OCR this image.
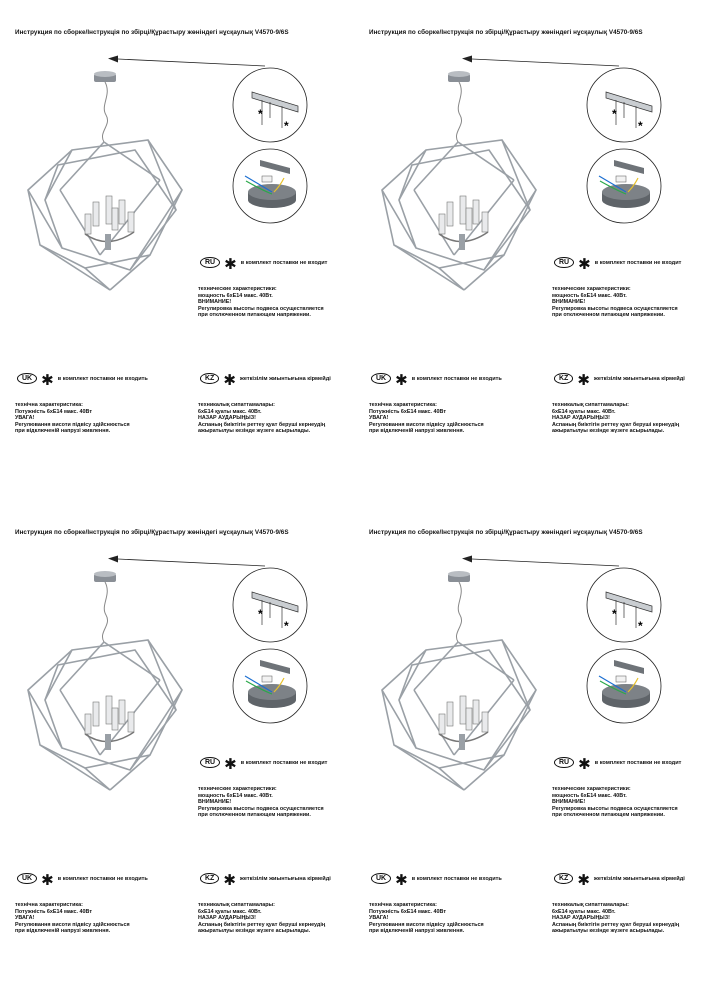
Инструкция по сборке/Інструкція по збірці/Құрастыру жөніндегі нұсқаулық V4570-9/6S
*
*
RU ✱ в комплект поставки не входит
технические характеристики:
мощность 6хЕ14 макс. 40Вт.
ВНИМАНИЕ!
Регулировка высоты подвеса осуществляется
при отключенном питающем напряжении.
UK ✱ в комплект поставки не входить
технічна характеристика:
Потужність 6хЕ14 макс. 40Вт
УВАГА!
Регулювання висоти підвісу здійснюється
при відключеній напрузі живлення.
KZ ✱ жеткізілім жиынтығына кірмейді
техникалық сипаттамалары:
6хЕ14 қуаты макс. 40Вт.
НАЗАР АУДАРЫҢЫЗ!
Аспаның биіктігін реттеу қуат беруші кернеудің
ажыратылуы кезінде жүзеге асырылады.
Инструкция по сборке/Інструкція по збірці/Құрастыру жөніндегі нұсқаулық V4570-9/6S
*
*
RU ✱ в комплект поставки не входит
технические характеристики:
мощность 6хЕ14 макс. 40Вт.
ВНИМАНИЕ!
Регулировка высоты подвеса осуществляется
при отключенном питающем напряжении.
UK ✱ в комплект поставки не входить
технічна характеристика:
Потужність 6хЕ14 макс. 40Вт
УВАГА!
Регулювання висоти підвісу здійснюється
при відключеній напрузі живлення.
KZ ✱ жеткізілім жиынтығына кірмейді
техникалық сипаттамалары:
6хЕ14 қуаты макс. 40Вт.
НАЗАР АУДАРЫҢЫЗ!
Аспаның биіктігін реттеу қуат беруші кернеудің
ажыратылуы кезінде жүзеге асырылады.
Инструкция по сборке/Інструкція по збірці/Құрастыру жөніндегі нұсқаулық V4570-9/6S
*
*
RU ✱ в комплект поставки не входит
технические характеристики:
мощность 6хЕ14 макс. 40Вт.
ВНИМАНИЕ!
Регулировка высоты подвеса осуществляется
при отключенном питающем напряжении.
UK ✱ в комплект поставки не входить
технічна характеристика:
Потужність 6хЕ14 макс. 40Вт
УВАГА!
Регулювання висоти підвісу здійснюється
при відключеній напрузі живлення.
KZ ✱ жеткізілім жиынтығына кірмейді
техникалық сипаттамалары:
6хЕ14 қуаты макс. 40Вт.
НАЗАР АУДАРЫҢЫЗ!
Аспаның биіктігін реттеу қуат беруші кернеудің
ажыратылуы кезінде жүзеге асырылады.
Инструкция по сборке/Інструкція по збірці/Құрастыру жөніндегі нұсқаулық V4570-9/6S
*
*
RU ✱ в комплект поставки не входит
технические характеристики:
мощность 6хЕ14 макс. 40Вт.
ВНИМАНИЕ!
Регулировка высоты подвеса осуществляется
при отключенном питающем напряжении.
UK ✱ в комплект поставки не входить
технічна характеристика:
Потужність 6хЕ14 макс. 40Вт
УВАГА!
Регулювання висоти підвісу здійснюється
при відключеній напрузі живлення.
KZ ✱ жеткізілім жиынтығына кірмейді
техникалық сипаттамалары:
6хЕ14 қуаты макс. 40Вт.
НАЗАР АУДАРЫҢЫЗ!
Аспаның биіктігін реттеу қуат беруші кернеудің
ажыратылуы кезінде жүзеге асырылады.
